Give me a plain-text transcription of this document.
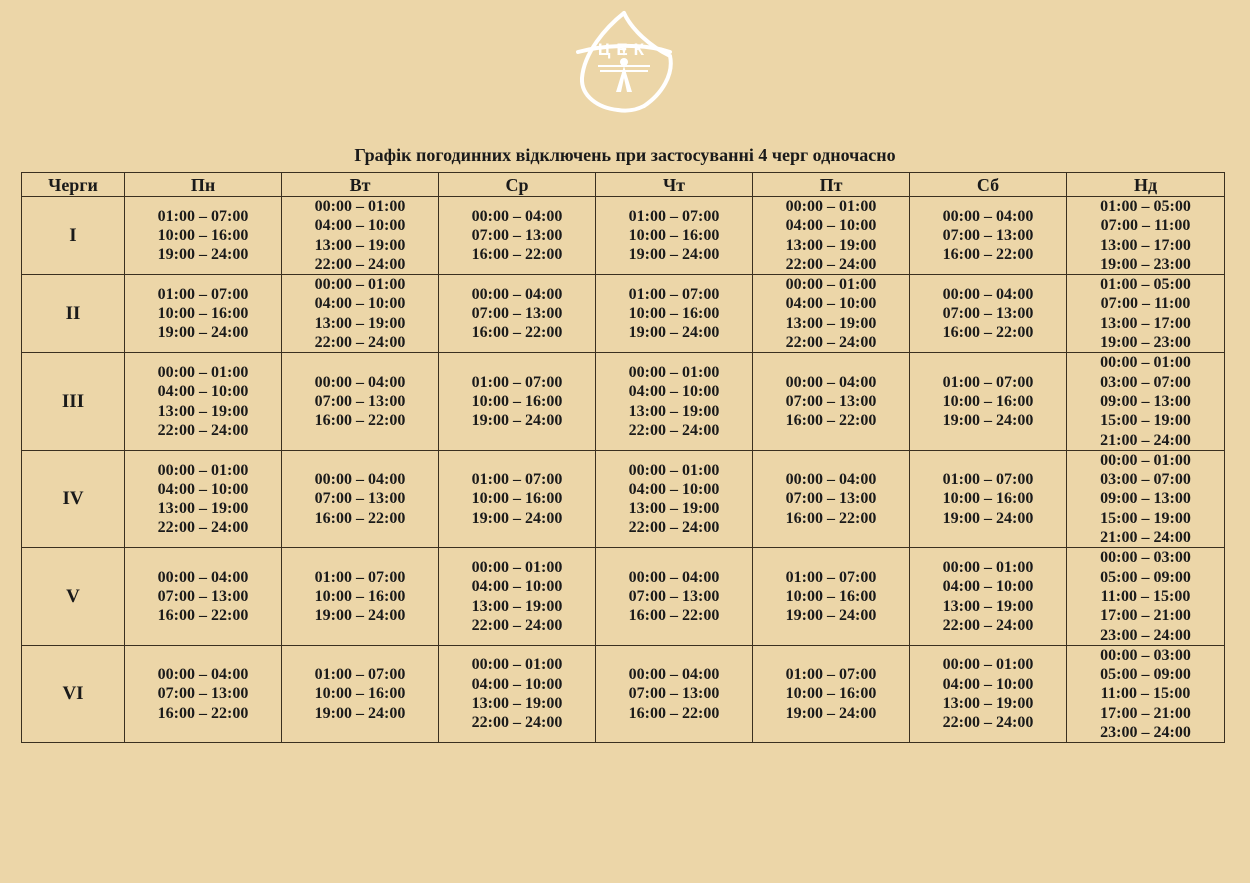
ЦЕК
Графік погодинних відключень при застосуванні 4 черг одночасно
Черги	Пн	Вт	Ср	Чт	Пт	Сб	Нд
I	01:00 – 07:00
10:00 – 16:00
19:00 – 24:00	00:00 – 01:00
04:00 – 10:00
13:00 – 19:00
22:00 – 24:00	00:00 – 04:00
07:00 – 13:00
16:00 – 22:00	01:00 – 07:00
10:00 – 16:00
19:00 – 24:00	00:00 – 01:00
04:00 – 10:00
13:00 – 19:00
22:00 – 24:00	00:00 – 04:00
07:00 – 13:00
16:00 – 22:00	01:00 – 05:00
07:00 – 11:00
13:00 – 17:00
19:00 – 23:00

II	01:00 – 07:00
10:00 – 16:00
19:00 – 24:00	00:00 – 01:00
04:00 – 10:00
13:00 – 19:00
22:00 – 24:00	00:00 – 04:00
07:00 – 13:00
16:00 – 22:00	01:00 – 07:00
10:00 – 16:00
19:00 – 24:00	00:00 – 01:00
04:00 – 10:00
13:00 – 19:00
22:00 – 24:00	00:00 – 04:00
07:00 – 13:00
16:00 – 22:00	01:00 – 05:00
07:00 – 11:00
13:00 – 17:00
19:00 – 23:00

III	00:00 – 01:00
04:00 – 10:00
13:00 – 19:00
22:00 – 24:00	00:00 – 04:00
07:00 – 13:00
16:00 – 22:00	01:00 – 07:00
10:00 – 16:00
19:00 – 24:00	00:00 – 01:00
04:00 – 10:00
13:00 – 19:00
22:00 – 24:00	00:00 – 04:00
07:00 – 13:00
16:00 – 22:00	01:00 – 07:00
10:00 – 16:00
19:00 – 24:00	00:00 – 01:00
03:00 – 07:00
09:00 – 13:00
15:00 – 19:00
21:00 – 24:00

IV	00:00 – 01:00
04:00 – 10:00
13:00 – 19:00
22:00 – 24:00	00:00 – 04:00
07:00 – 13:00
16:00 – 22:00	01:00 – 07:00
10:00 – 16:00
19:00 – 24:00	00:00 – 01:00
04:00 – 10:00
13:00 – 19:00
22:00 – 24:00	00:00 – 04:00
07:00 – 13:00
16:00 – 22:00	01:00 – 07:00
10:00 – 16:00
19:00 – 24:00	00:00 – 01:00
03:00 – 07:00
09:00 – 13:00
15:00 – 19:00
21:00 – 24:00

V	00:00 – 04:00
07:00 – 13:00
16:00 – 22:00	01:00 – 07:00
10:00 – 16:00
19:00 – 24:00	00:00 – 01:00
04:00 – 10:00
13:00 – 19:00
22:00 – 24:00	00:00 – 04:00
07:00 – 13:00
16:00 – 22:00	01:00 – 07:00
10:00 – 16:00
19:00 – 24:00	00:00 – 01:00
04:00 – 10:00
13:00 – 19:00
22:00 – 24:00	00:00 – 03:00
05:00 – 09:00
11:00 – 15:00
17:00 – 21:00
23:00 – 24:00

VI	00:00 – 04:00
07:00 – 13:00
16:00 – 22:00	01:00 – 07:00
10:00 – 16:00
19:00 – 24:00	00:00 – 01:00
04:00 – 10:00
13:00 – 19:00
22:00 – 24:00	00:00 – 04:00
07:00 – 13:00
16:00 – 22:00	01:00 – 07:00
10:00 – 16:00
19:00 – 24:00	00:00 – 01:00
04:00 – 10:00
13:00 – 19:00
22:00 – 24:00	00:00 – 03:00
05:00 – 09:00
11:00 – 15:00
17:00 – 21:00
23:00 – 24:00
